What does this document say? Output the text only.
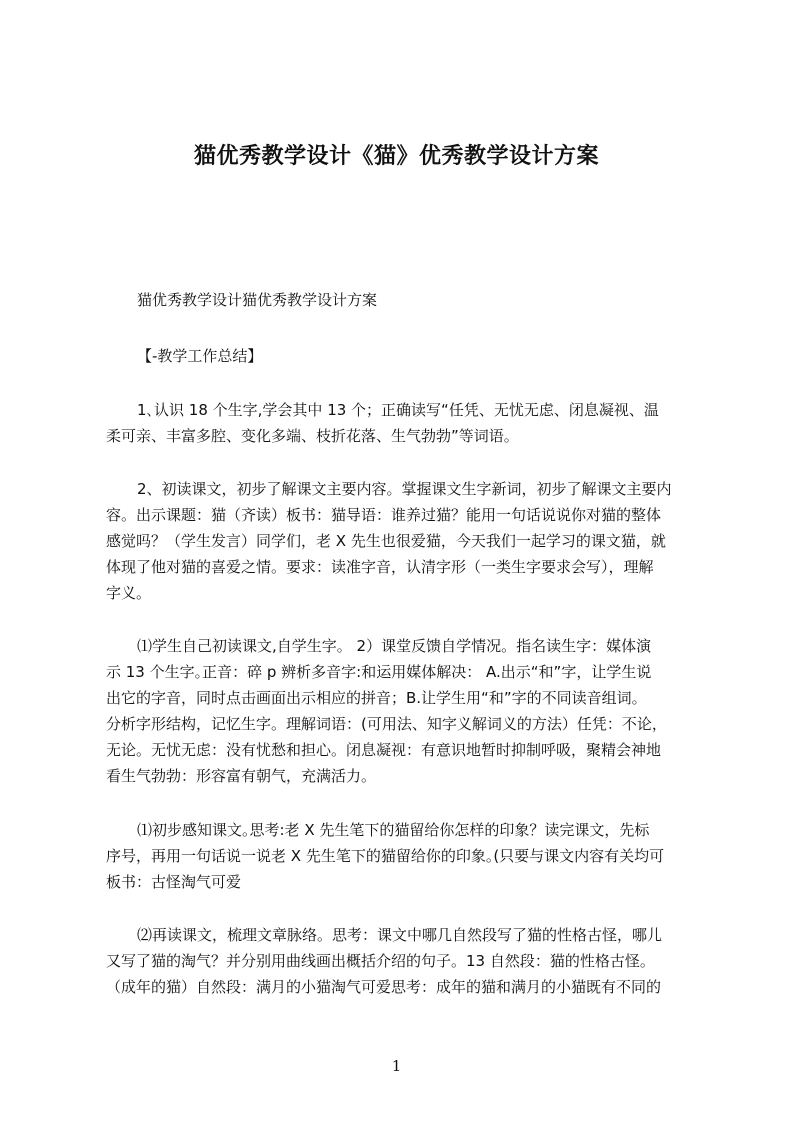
猫优秀教学设计《猫》优秀教学设计方案
猫优秀教学设计猫优秀教学设计方案
【-教学工作总结】
1､认识 18 个生字,学会其中 13 个；正确读写“任凭、无忧无虑、闭息凝视、温
柔可亲、丰富多腔、变化多端、枝折花落、生气勃勃”等词语。
2、初读课文，初步了解课文主要内容。掌握课文生字新词，初步了解课文主要内
容。出示课题：猫（齐读）板书：猫导语：谁养过猫？能用一句话说说你对猫的整体
感觉吗？（学生发言）同学们，老 X 先生也很爱猫，今天我们一起学习的课文猫，就
体现了他对猫的喜爱之情。要求：读准字音，认清字形（一类生字要求会写），理解
字义。
⑴学生自己初读课文,自学生字。 2）课堂反馈自学情况。指名读生字：媒体演
示 13 个生字｡正音：碎 p 辨析多音字:和运用媒体解决： A.出示“和”字，让学生说
出它的字音，同时点击画面出示相应的拼音；B.让学生用“和”字的不同读音组词。
分析字形结构，记忆生字。理解词语：(可用法、知字义解词义的方法）任凭：不论，
无论。无忧无虑：没有忧愁和担心。闭息凝视：有意识地暂时抑制呼吸，聚精会神地
看生气勃勃：形容富有朝气，充满活力。
⑴初步感知课文｡思考:老 X 先生笔下的猫留给你怎样的印象？读完课文，先标
序号，再用一句话说一说老 X 先生笔下的猫留给你的印象｡(只要与课文内容有关均可
板书：古怪淘气可爱
⑵再读课文，梳理文章脉络。思考：课文中哪几自然段写了猫的性格古怪，哪儿
又写了猫的淘气？并分别用曲线画出概括介绍的句子。13 自然段：猫的性格古怪。
（成年的猫）自然段：满月的小猫淘气可爱思考：成年的猫和满月的小猫既有不同的
1
